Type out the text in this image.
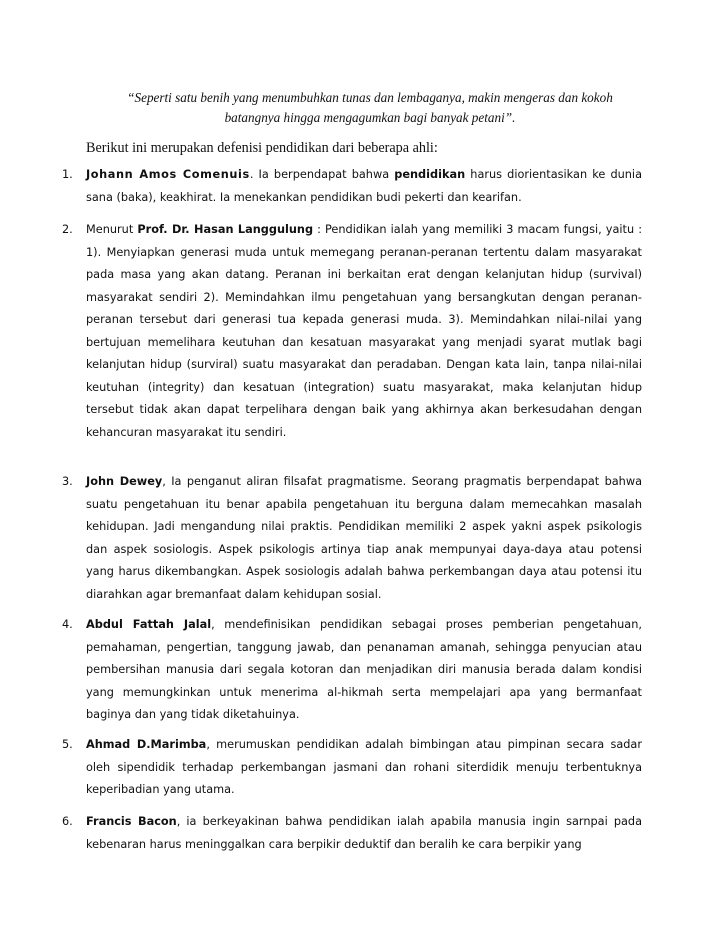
“Seperti satu benih yang menumbuhkan tunas dan lembaganya, makin mengeras dan kokoh
batangnya hingga mengagumkan bagi banyak petani”.
Berikut ini merupakan defenisi pendidikan dari beberapa ahli:
1. Johann Amos Comenuis. Ia berpendapat bahwa pendidikan harus diorientasikan ke dunia sana (baka), keakhirat. Ia menekankan pendidikan budi pekerti dan kearifan.
2. Menurut Prof. Dr. Hasan Langgulung : Pendidikan ialah yang memiliki 3 macam fungsi, yaitu : 1). Menyiapkan generasi muda untuk memegang peranan-peranan tertentu dalam masyarakat pada masa yang akan datang. Peranan ini berkaitan erat dengan kelanjutan hidup (survival) masyarakat sendiri 2). Memindahkan ilmu pengetahuan yang bersangkutan dengan peranan-peranan tersebut dari generasi tua kepada generasi muda. 3). Memindahkan nilai-nilai yang bertujuan memelihara keutuhan dan kesatuan masyarakat yang menjadi syarat mutlak bagi kelanjutan hidup (surviral) suatu masyarakat dan peradaban. Dengan kata lain, tanpa nilai-nilai keutuhan (integrity) dan kesatuan (integration) suatu masyarakat, maka kelanjutan hidup tersebut tidak akan dapat terpelihara dengan baik yang akhirnya akan berkesudahan dengan kehancuran masyarakat itu sendiri.
3. John Dewey, Ia penganut aliran filsafat pragmatisme. Seorang pragmatis berpendapat bahwa suatu pengetahuan itu benar apabila pengetahuan itu berguna dalam memecahkan masalah kehidupan. Jadi mengandung nilai praktis. Pendidikan memiliki 2 aspek yakni aspek psikologis dan aspek sosiologis. Aspek psikologis artinya tiap anak mempunyai daya-daya atau potensi yang harus dikembangkan. Aspek sosiologis adalah bahwa perkembangan daya atau potensi itu diarahkan agar bremanfaat dalam kehidupan sosial.
4. Abdul Fattah Jalal, mendefinisikan pendidikan sebagai proses pemberian pengetahuan, pemahaman, pengertian, tanggung jawab, dan penanaman amanah, sehingga penyucian atau pembersihan manusia dari segala kotoran dan menjadikan diri manusia berada dalam kondisi yang memungkinkan untuk menerima al-hikmah serta mempelajari apa yang bermanfaat baginya dan yang tidak diketahuinya.
5. Ahmad D.Marimba, merumuskan pendidikan adalah bimbingan atau pimpinan secara sadar oleh sipendidik terhadap perkembangan jasmani dan rohani siterdidik menuju terbentuknya keperibadian yang utama.
6. Francis Bacon, ia berkeyakinan bahwa pendidikan ialah apabila manusia ingin sarnpai pada kebenaran harus meninggalkan cara berpikir deduktif dan beralih ke cara berpikir yang
